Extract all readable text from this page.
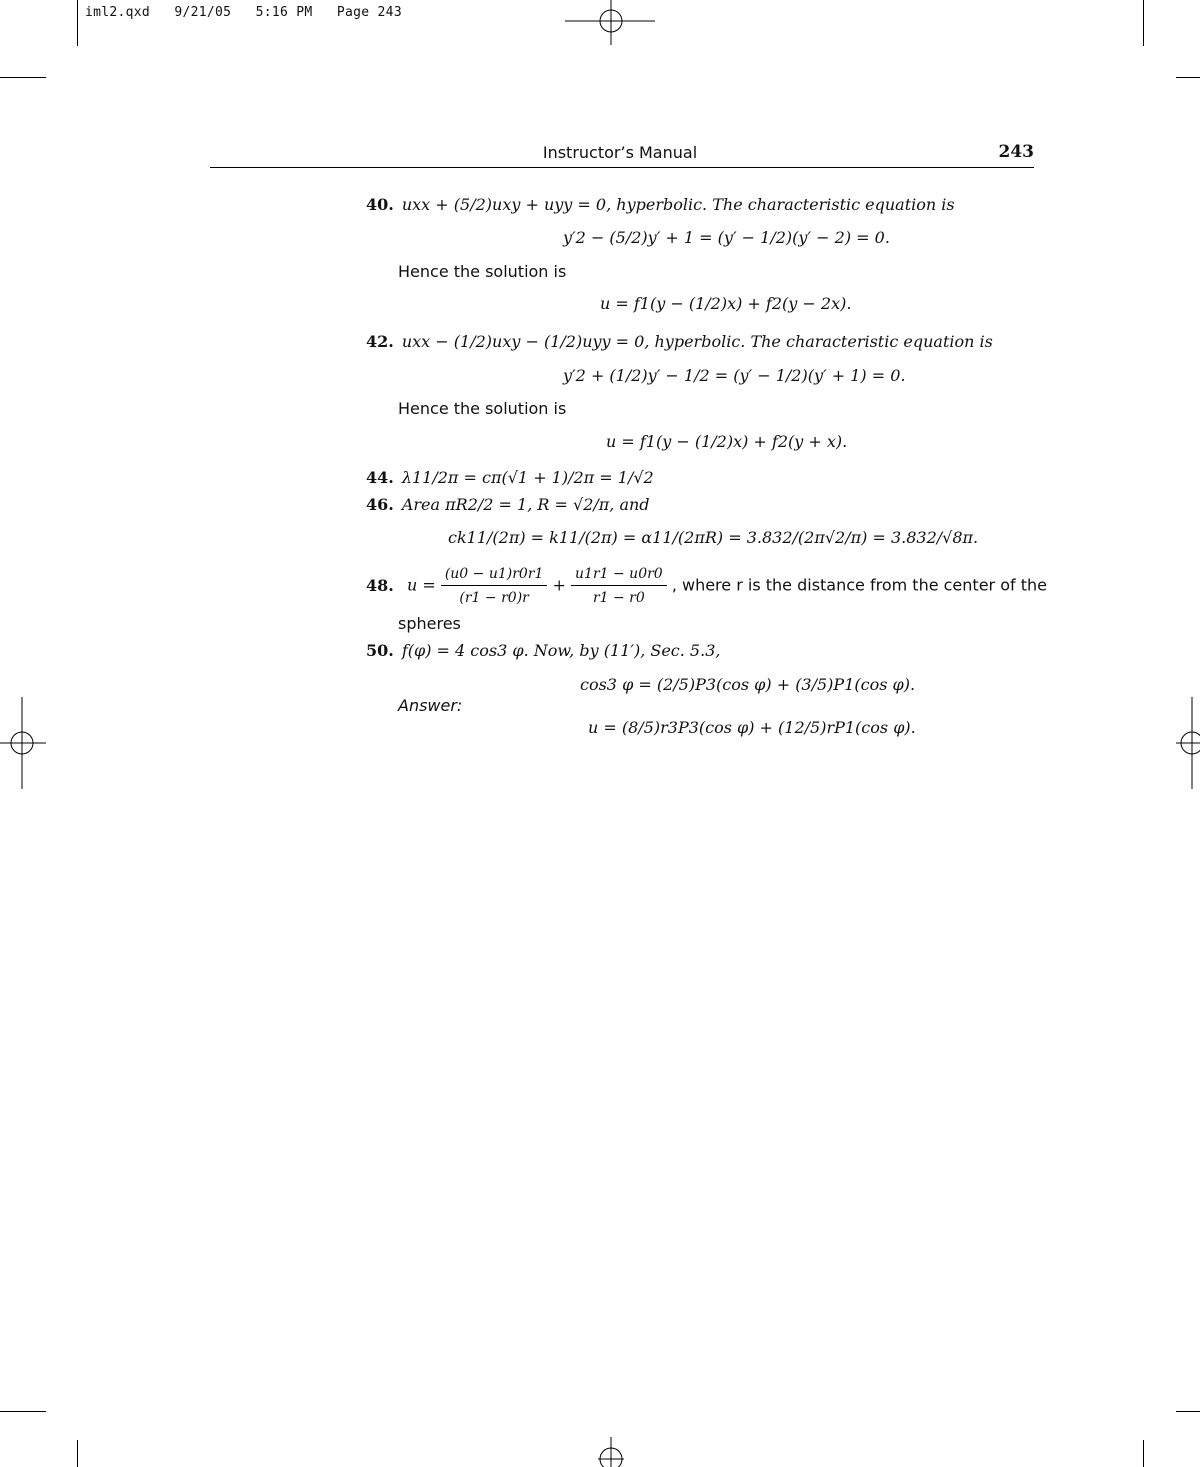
iml2.qxd   9/21/05   5:16 PM   Page 243
Instructor’s Manual	243
40. uxx + (5/2)uxy + uyy = 0, hyperbolic. The characteristic equation is
y′2 − (5/2)y′ + 1 = (y′ − 1/2)(y′ − 2) = 0.
Hence the solution is
u = f1(y − (1/2)x) + f2(y − 2x).
42. uxx − (1/2)uxy − (1/2)uyy = 0, hyperbolic. The characteristic equation is
y′2 + (1/2)y′ − 1/2 = (y′ − 1/2)(y′ + 1) = 0.
Hence the solution is
u = f1(y − (1/2)x) + f2(y + x).
44. λ11/2π = cπ(√1 + 1)/2π = 1/√2
46. Area πR2/2 = 1, R = √2/π, and
ck11/(2π) = k11/(2π) = α11/(2πR) = 3.832/(2π√2/π) = 3.832/√8π.
48. $u = \frac{(u0 - u1)r0r1}{(r1 - r0)r} + \frac{u1r1 - u0r0}{r1 - r0}$ , where r is the distance from the center of the
spheres
50. f(φ) = 4 cos3 φ. Now, by (11′), Sec. 5.3,
cos3 φ = (2/5)P3(cos φ) + (3/5)P1(cos φ).
Answer:
u = (8/5)r3P3(cos φ) + (12/5)rP1(cos φ).
